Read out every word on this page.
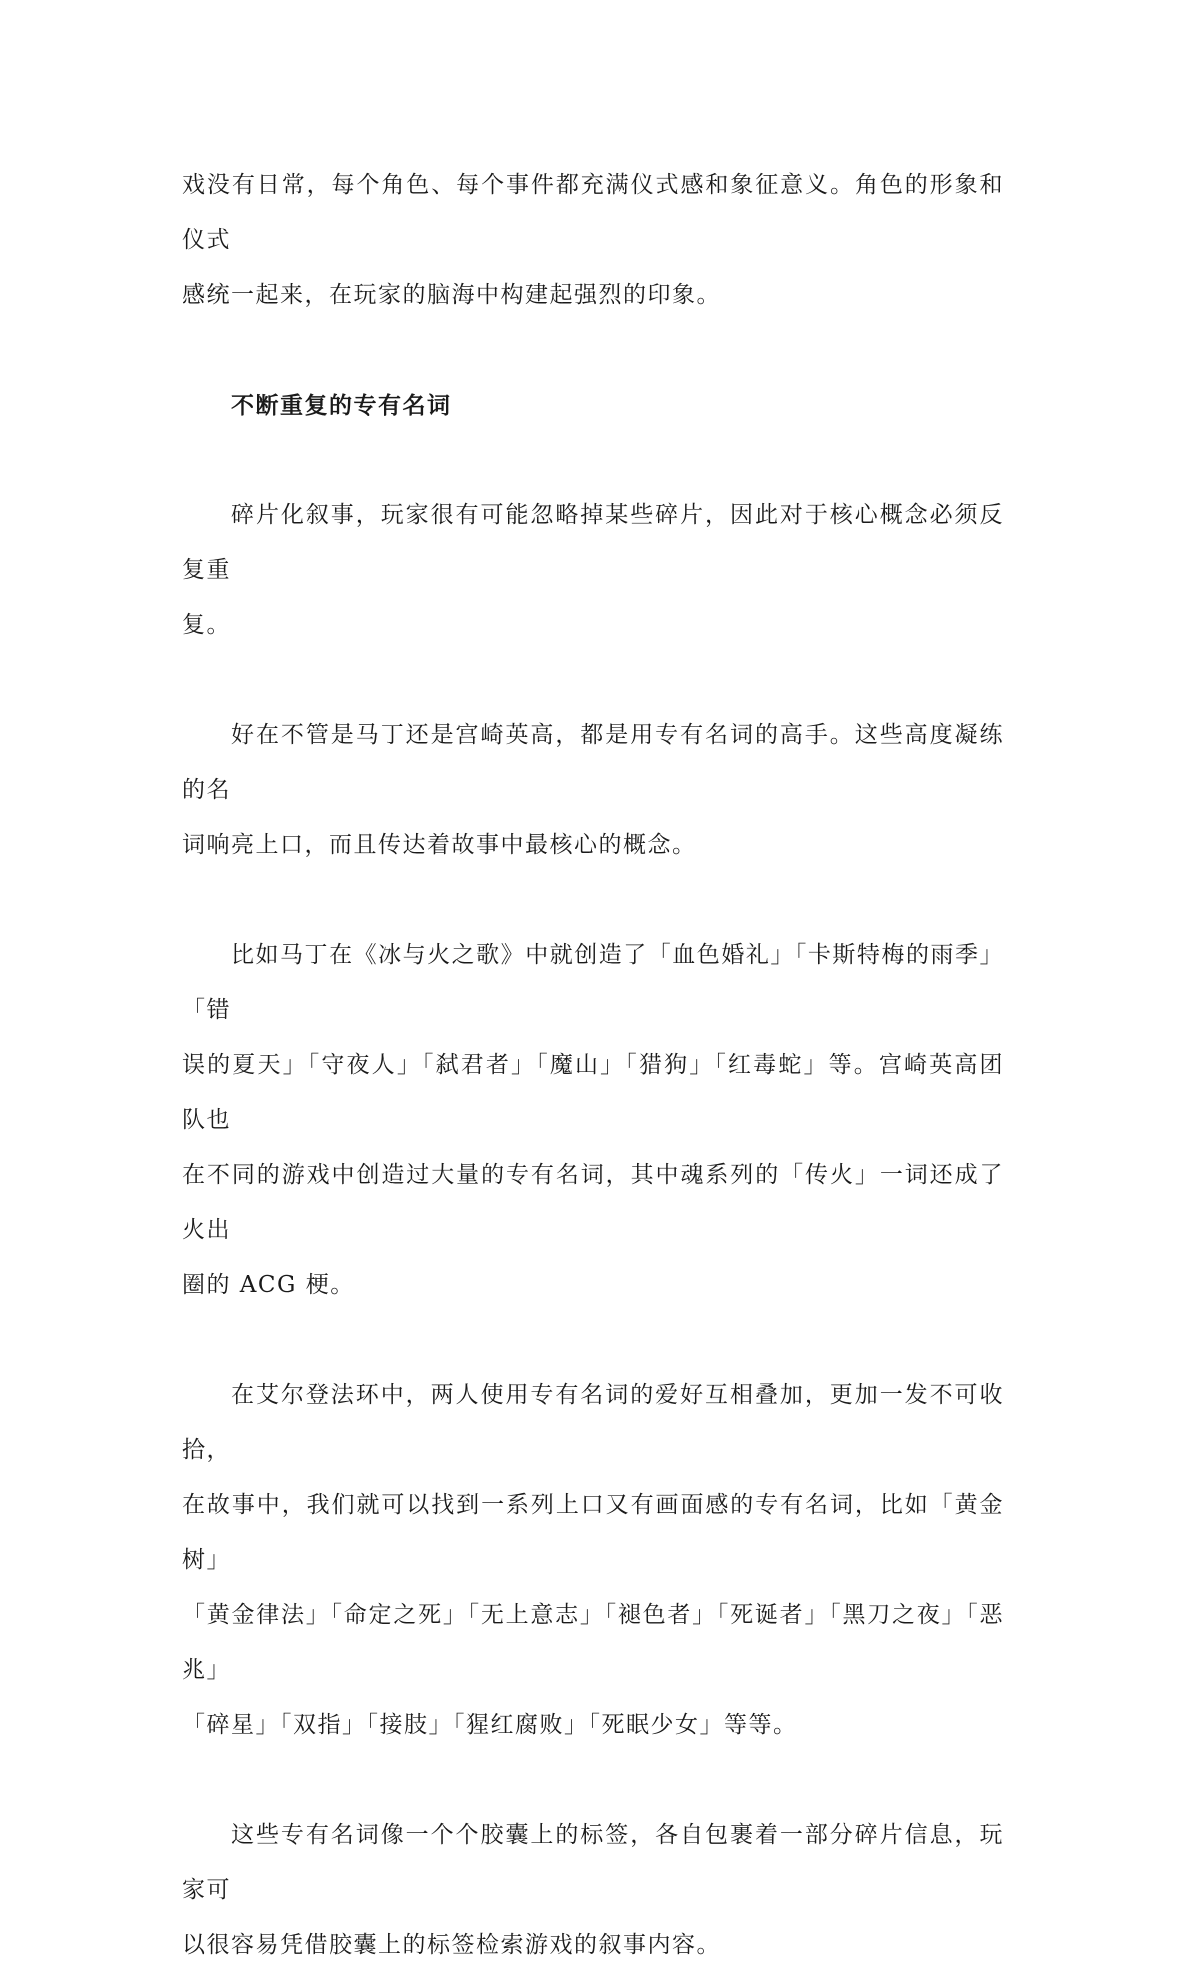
戏没有日常，每个角色、每个事件都充满仪式感和象征意义。角色的形象和仪式
感统一起来，在玩家的脑海中构建起强烈的印象。

不断重复的专有名词

碎片化叙事，玩家很有可能忽略掉某些碎片，因此对于核心概念必须反复重
复。

好在不管是马丁还是宫崎英高，都是用专有名词的高手。这些高度凝练的名
词响亮上口，而且传达着故事中最核心的概念。

比如马丁在《冰与火之歌》中就创造了「血色婚礼」「卡斯特梅的雨季」「错
误的夏天」「守夜人」「弑君者」「魔山」「猎狗」「红毒蛇」等。宫崎英高团队也
在不同的游戏中创造过大量的专有名词，其中魂系列的「传火」一词还成了火出
圈的 ACG 梗。

在艾尔登法环中，两人使用专有名词的爱好互相叠加，更加一发不可收拾，
在故事中，我们就可以找到一系列上口又有画面感的专有名词，比如「黄金树」
「黄金律法」「命定之死」「无上意志」「褪色者」「死诞者」「黑刀之夜」「恶兆」
「碎星」「双指」「接肢」「猩红腐败」「死眠少女」等等。

这些专有名词像一个个胶囊上的标签，各自包裹着一部分碎片信息，玩家可
以很容易凭借胶囊上的标签检索游戏的叙事内容。
